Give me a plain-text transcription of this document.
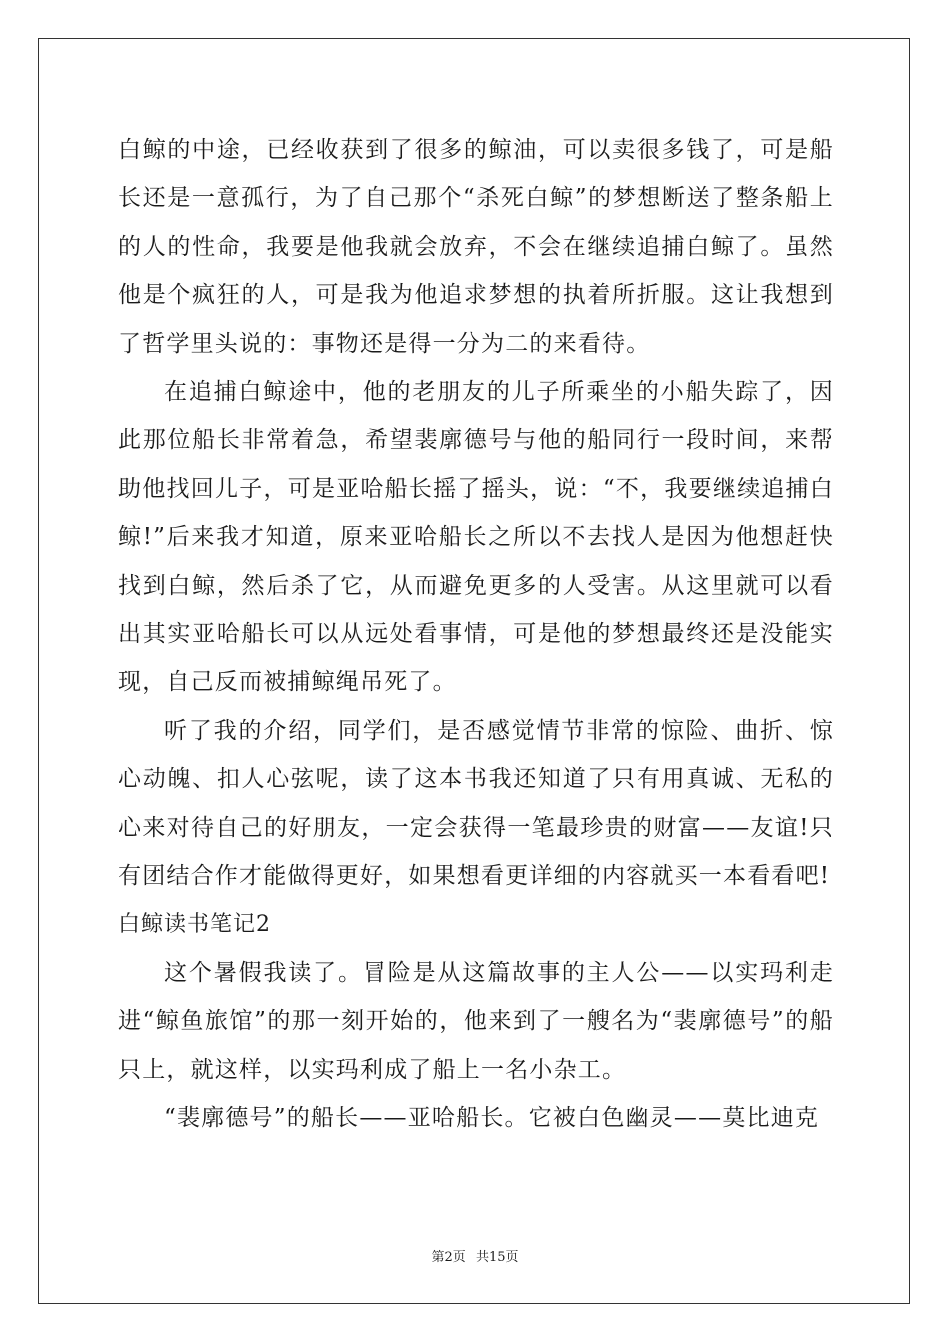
白鲸的中途，已经收获到了很多的鲸油，可以卖很多钱了，可是船长还是一意孤行，为了自己那个“杀死白鲸”的梦想断送了整条船上的人的性命，我要是他我就会放弃，不会在继续追捕白鲸了。虽然他是个疯狂的人，可是我为他追求梦想的执着所折服。这让我想到了哲学里头说的：事物还是得一分为二的来看待。

在追捕白鲸途中，他的老朋友的儿子所乘坐的小船失踪了，因此那位船长非常着急，希望裴廓德号与他的船同行一段时间，来帮助他找回儿子，可是亚哈船长摇了摇头，说：“不，我要继续追捕白鲸!”后来我才知道，原来亚哈船长之所以不去找人是因为他想赶快找到白鲸，然后杀了它，从而避免更多的人受害。从这里就可以看出其实亚哈船长可以从远处看事情，可是他的梦想最终还是没能实现，自己反而被捕鲸绳吊死了。

听了我的介绍，同学们，是否感觉情节非常的惊险、曲折、惊心动魄、扣人心弦呢，读了这本书我还知道了只有用真诚、无私的心来对待自己的好朋友，一定会获得一笔最珍贵的财富——友谊!只有团结合作才能做得更好，如果想看更详细的内容就买一本看看吧!

白鲸读书笔记2

这个暑假我读了。冒险是从这篇故事的主人公——以实玛利走进“鲸鱼旅馆”的那一刻开始的，他来到了一艘名为“裴廓德号”的船只上，就这样，以实玛利成了船上一名小杂工。

“裴廓德号”的船长——亚哈船长。它被白色幽灵——莫比迪克

第2页 共15页
